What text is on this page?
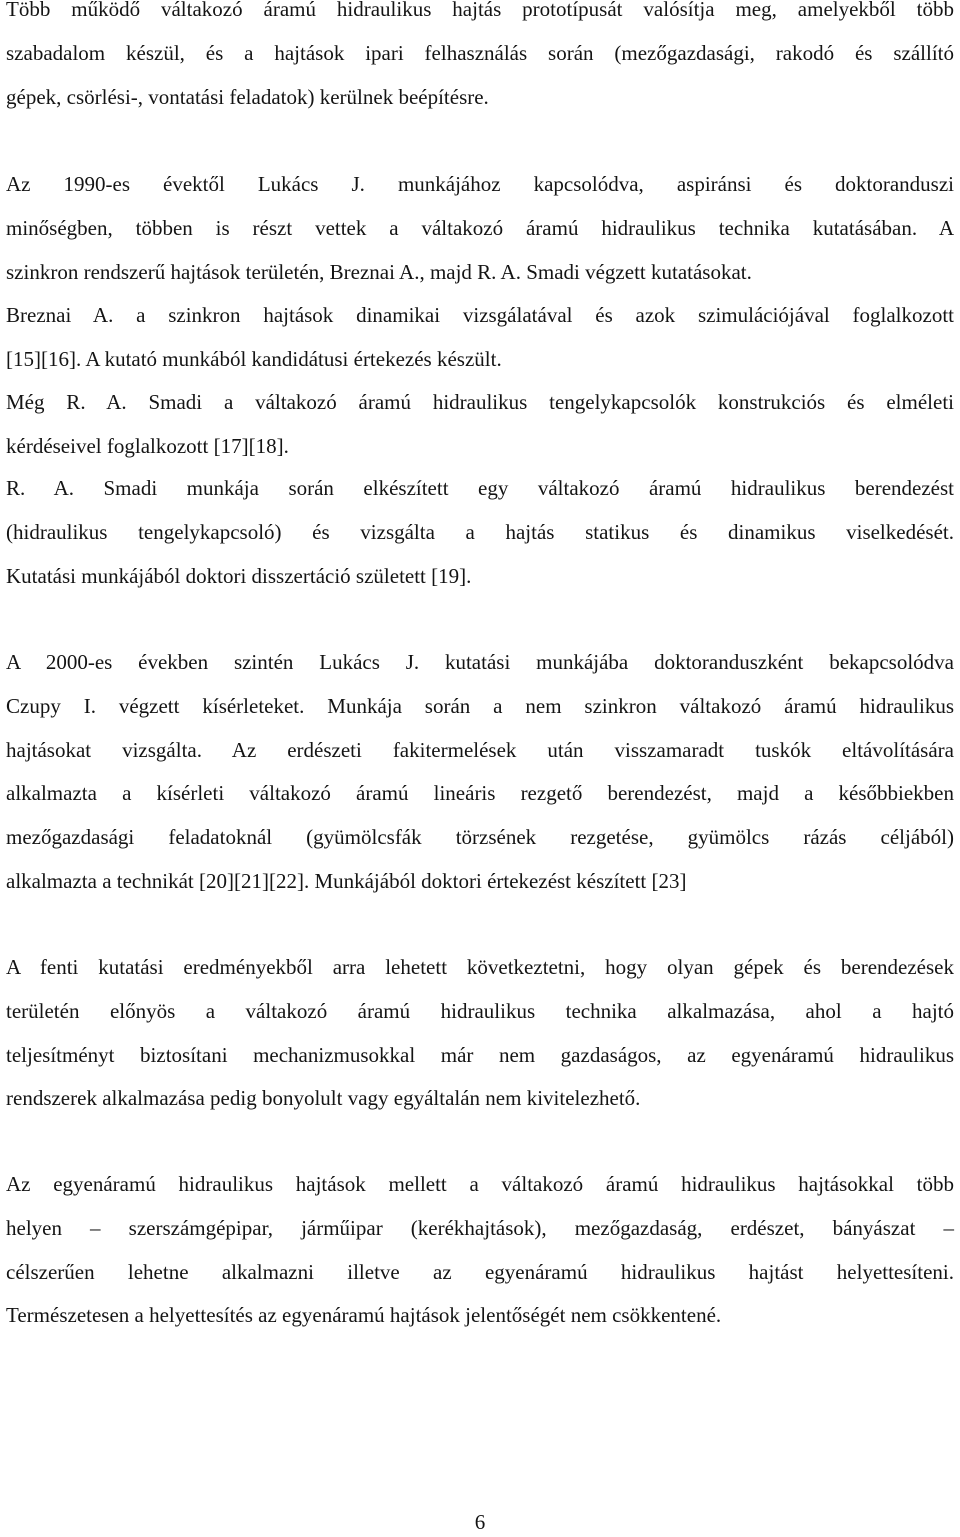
Több működő váltakozó áramú hidraulikus hajtás prototípusát valósítja meg, amelyekből több
szabadalom készül, és a hajtások ipari felhasználás során (mezőgazdasági, rakodó és szállító
gépek, csörlési-, vontatási feladatok) kerülnek beépítésre.

Az 1990-es évektől Lukács J. munkájához kapcsolódva, aspiránsi és doktoranduszi
minőségben, többen is részt vettek a váltakozó áramú hidraulikus technika kutatásában. A
szinkron rendszerű hajtások területén, Breznai A., majd R. A. Smadi végzett kutatásokat.

Breznai A. a szinkron hajtások dinamikai vizsgálatával és azok szimulációjával foglalkozott
[15][16]. A kutató munkából kandidátusi értekezés készült.

Még R. A. Smadi a váltakozó áramú hidraulikus tengelykapcsolók konstrukciós és elméleti
kérdéseivel foglalkozott [17][18].

R. A. Smadi munkája során elkészített egy váltakozó áramú hidraulikus berendezést
(hidraulikus tengelykapcsoló) és vizsgálta a hajtás statikus és dinamikus viselkedését.
Kutatási munkájából doktori disszertáció született [19].

A 2000-es években szintén Lukács J. kutatási munkájába doktoranduszként bekapcsolódva
Czupy I. végzett kísérleteket. Munkája során a nem szinkron váltakozó áramú hidraulikus
hajtásokat vizsgálta. Az erdészeti fakitermelések után visszamaradt tuskók eltávolítására
alkalmazta a kísérleti váltakozó áramú lineáris rezgető berendezést, majd a későbbiekben
mezőgazdasági feladatoknál (gyümölcsfák törzsének rezgetése, gyümölcs rázás céljából)
alkalmazta a technikát [20][21][22]. Munkájából doktori értekezést készített [23]

A fenti kutatási eredményekből arra lehetett következtetni, hogy olyan gépek és berendezések
területén előnyös a váltakozó áramú hidraulikus technika alkalmazása, ahol a hajtó
teljesítményt biztosítani mechanizmusokkal már nem gazdaságos, az egyenáramú hidraulikus
rendszerek alkalmazása pedig bonyolult vagy egyáltalán nem kivitelezhető.

Az egyenáramú hidraulikus hajtások mellett a váltakozó áramú hidraulikus hajtásokkal több
helyen – szerszámgépipar, járműipar (kerékhajtások), mezőgazdaság, erdészet, bányászat –
célszerűen lehetne alkalmazni illetve az egyenáramú hidraulikus hajtást helyettesíteni.
Természetesen a helyettesítés az egyenáramú hajtások jelentőségét nem csökkentené.

6
